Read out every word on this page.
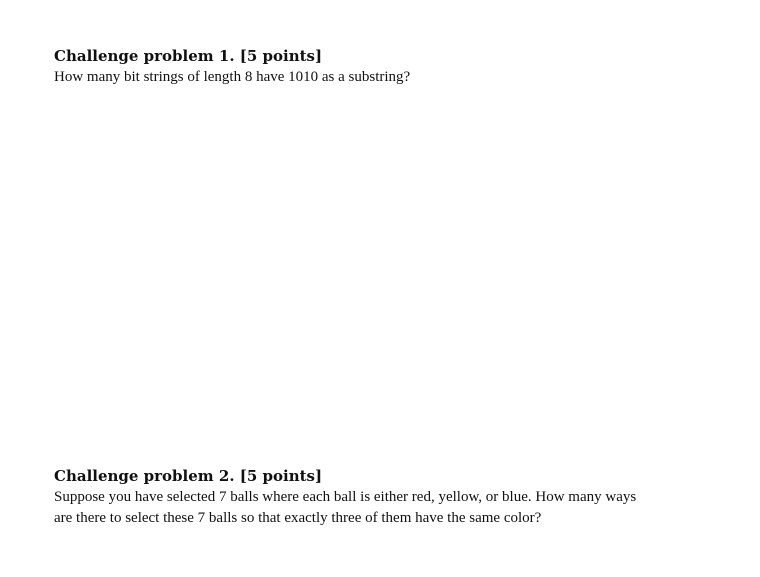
Challenge problem 1. [5 points]

How many bit strings of length 8 have 1010 as a substring?

Challenge problem 2. [5 points]

Suppose you have selected 7 balls where each ball is either red, yellow, or blue. How many ways

are there to select these 7 balls so that exactly three of them have the same color?
